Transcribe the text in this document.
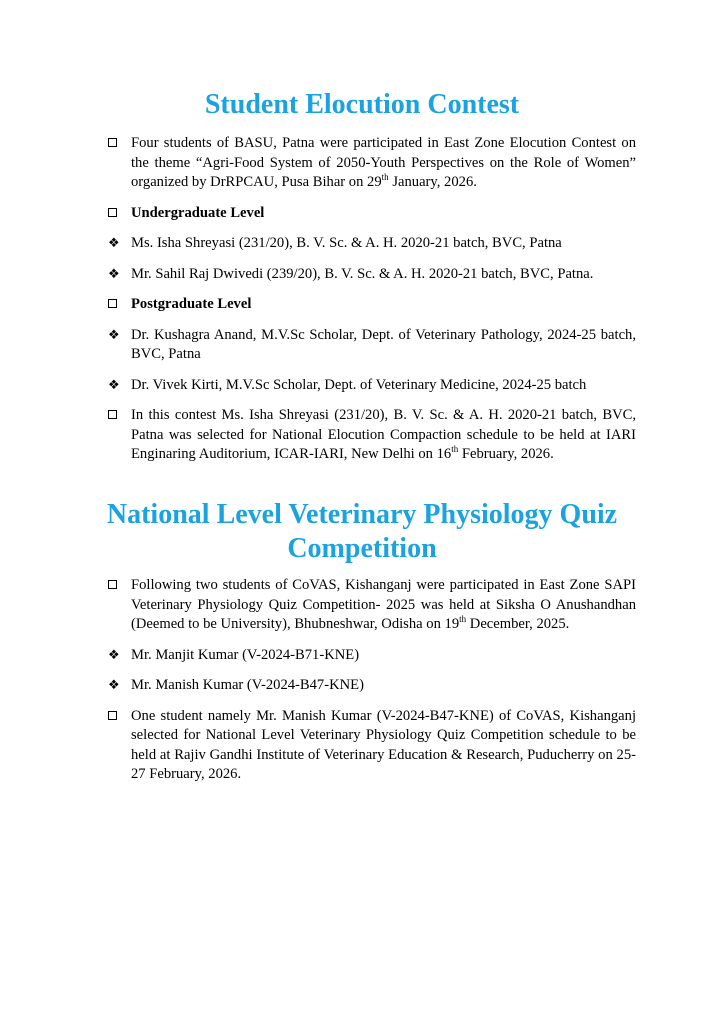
Student Elocution Contest
Four students of BASU, Patna were participated in East Zone Elocution Contest on the theme “Agri-Food System of 2050-Youth Perspectives on the Role of Women” organized by DrRPCAU, Pusa Bihar on 29th January, 2026.
Undergraduate Level
❖ Ms. Isha Shreyasi (231/20), B. V. Sc. & A. H. 2020-21 batch, BVC, Patna
❖ Mr. Sahil Raj Dwivedi (239/20), B. V. Sc. & A. H. 2020-21 batch, BVC, Patna.
Postgraduate Level
❖ Dr. Kushagra Anand, M.V.Sc Scholar, Dept. of Veterinary Pathology, 2024-25 batch, BVC, Patna
❖ Dr. Vivek Kirti, M.V.Sc Scholar, Dept. of Veterinary Medicine, 2024-25 batch
In this contest Ms. Isha Shreyasi (231/20), B. V. Sc. & A. H. 2020-21 batch, BVC, Patna was selected for National Elocution Compaction schedule to be held at IARI Enginaring Auditorium, ICAR-IARI, New Delhi on 16th February, 2026.
National Level Veterinary Physiology Quiz Competition
Following two students of CoVAS, Kishanganj were participated in East Zone SAPI Veterinary Physiology Quiz Competition- 2025 was held at Siksha O Anushandhan (Deemed to be University), Bhubneshwar, Odisha on 19th December, 2025.
❖ Mr. Manjit Kumar (V-2024-B71-KNE)
❖ Mr. Manish Kumar (V-2024-B47-KNE)
One student namely Mr. Manish Kumar (V-2024-B47-KNE) of CoVAS, Kishanganj selected for National Level Veterinary Physiology Quiz Competition schedule to be held at Rajiv Gandhi Institute of Veterinary Education & Research, Puducherry on 25-27 February, 2026.
